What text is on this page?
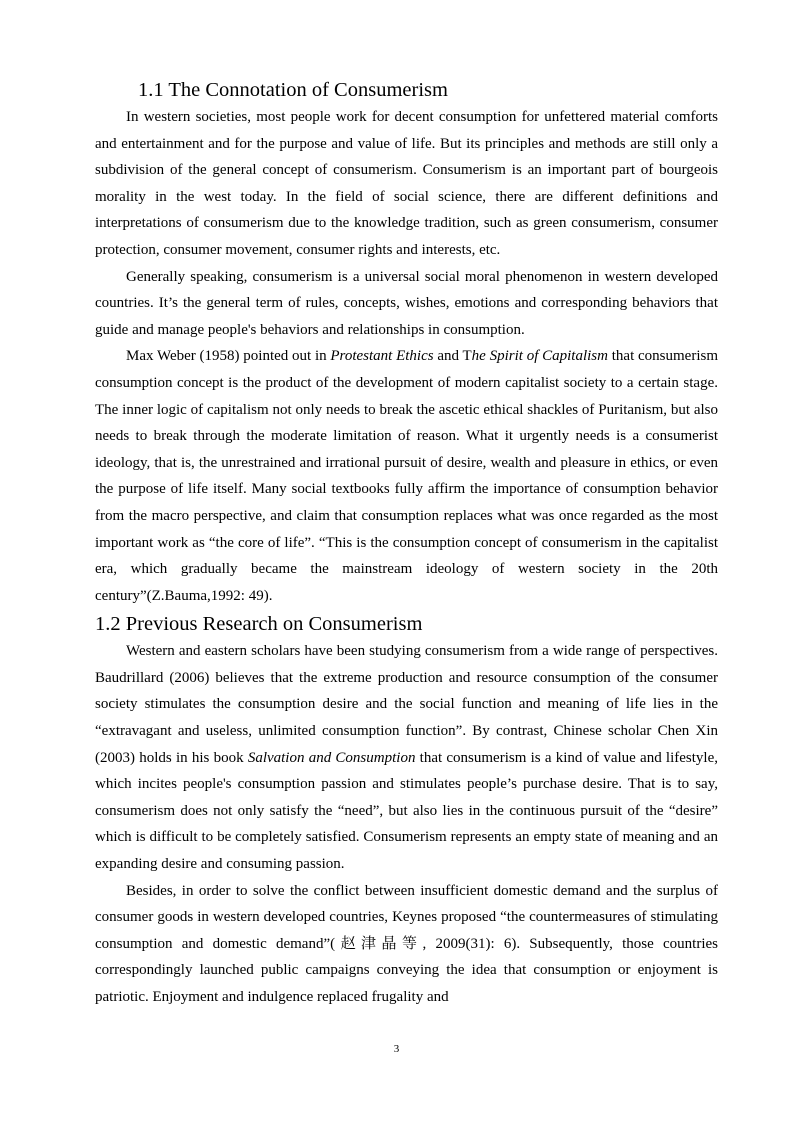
1.1 The Connotation of Consumerism

In western societies, most people work for decent consumption for unfettered material comforts and entertainment and for the purpose and value of life. But its principles and methods are still only a subdivision of the general concept of consumerism. Consumerism is an important part of bourgeois morality in the west today. In the field of social science, there are different definitions and interpretations of consumerism due to the knowledge tradition, such as green consumerism, consumer protection, consumer movement, consumer rights and interests, etc.

Generally speaking, consumerism is a universal social moral phenomenon in western developed countries. It’s the general term of rules, concepts, wishes, emotions and corresponding behaviors that guide and manage people's behaviors and relationships in consumption.

Max Weber (1958) pointed out in Protestant Ethics and The Spirit of Capitalism that consumerism consumption concept is the product of the development of modern capitalist society to a certain stage. The inner logic of capitalism not only needs to break the ascetic ethical shackles of Puritanism, but also needs to break through the moderate limitation of reason. What it urgently needs is a consumerist ideology, that is, the unrestrained and irrational pursuit of desire, wealth and pleasure in ethics, or even the purpose of life itself. Many social textbooks fully affirm the importance of consumption behavior from the macro perspective, and claim that consumption replaces what was once regarded as the most important work as “the core of life”. “This is the consumption concept of consumerism in the capitalist era, which gradually became the mainstream ideology of western society in the 20th century”(Z.Bauma,1992: 49).

1.2 Previous Research on Consumerism

Western and eastern scholars have been studying consumerism from a wide range of perspectives. Baudrillard (2006) believes that the extreme production and resource consumption of the consumer society stimulates the consumption desire and the social function and meaning of life lies in the “extravagant and useless, unlimited consumption function”. By contrast, Chinese scholar Chen Xin (2003) holds in his book Salvation and Consumption that consumerism is a kind of value and lifestyle, which incites people's consumption passion and stimulates people’s purchase desire. That is to say, consumerism does not only satisfy the “need”, but also lies in the continuous pursuit of the “desire” which is difficult to be completely satisfied. Consumerism represents an empty state of meaning and an expanding desire and consuming passion.

Besides, in order to solve the conflict between insufficient domestic demand and the surplus of consumer goods in western developed countries, Keynes proposed “the countermeasures of stimulating consumption and domestic demand”(赵津晶等, 2009(31): 6). Subsequently, those countries correspondingly launched public campaigns conveying the idea that consumption or enjoyment is patriotic. Enjoyment and indulgence replaced frugality and

3
